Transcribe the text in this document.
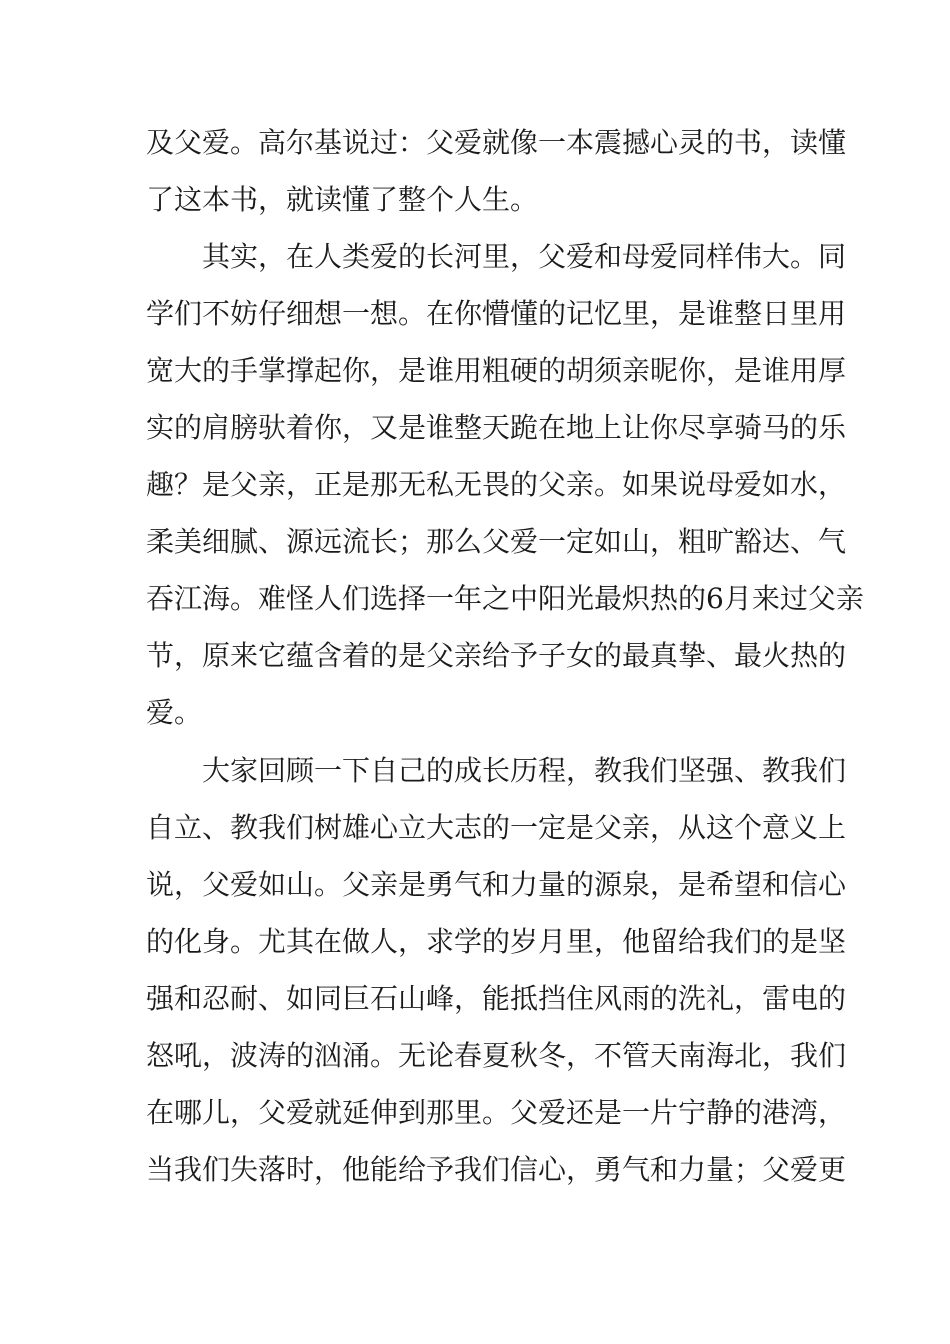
及父爱。高尔基说过：父爱就像一本震撼心灵的书，读懂
了这本书，就读懂了整个人生。
其实，在人类爱的长河里，父爱和母爱同样伟大。同
学们不妨仔细想一想。在你懵懂的记忆里，是谁整日里用
宽大的手掌撑起你，是谁用粗硬的胡须亲昵你，是谁用厚
实的肩膀驮着你，又是谁整天跪在地上让你尽享骑马的乐
趣？是父亲，正是那无私无畏的父亲。如果说母爱如水，
柔美细腻、源远流长；那么父爱一定如山，粗旷豁达、气
吞江海。难怪人们选择一年之中阳光最炽热的6月来过父亲
节，原来它蕴含着的是父亲给予子女的最真挚、最火热的
爱。
大家回顾一下自己的成长历程，教我们坚强、教我们
自立、教我们树雄心立大志的一定是父亲，从这个意义上
说，父爱如山。父亲是勇气和力量的源泉，是希望和信心
的化身。尤其在做人，求学的岁月里，他留给我们的是坚
强和忍耐、如同巨石山峰，能抵挡住风雨的洗礼，雷电的
怒吼，波涛的汹涌。无论春夏秋冬，不管天南海北，我们
在哪儿，父爱就延伸到那里。父爱还是一片宁静的港湾，
当我们失落时，他能给予我们信心，勇气和力量；父爱更
